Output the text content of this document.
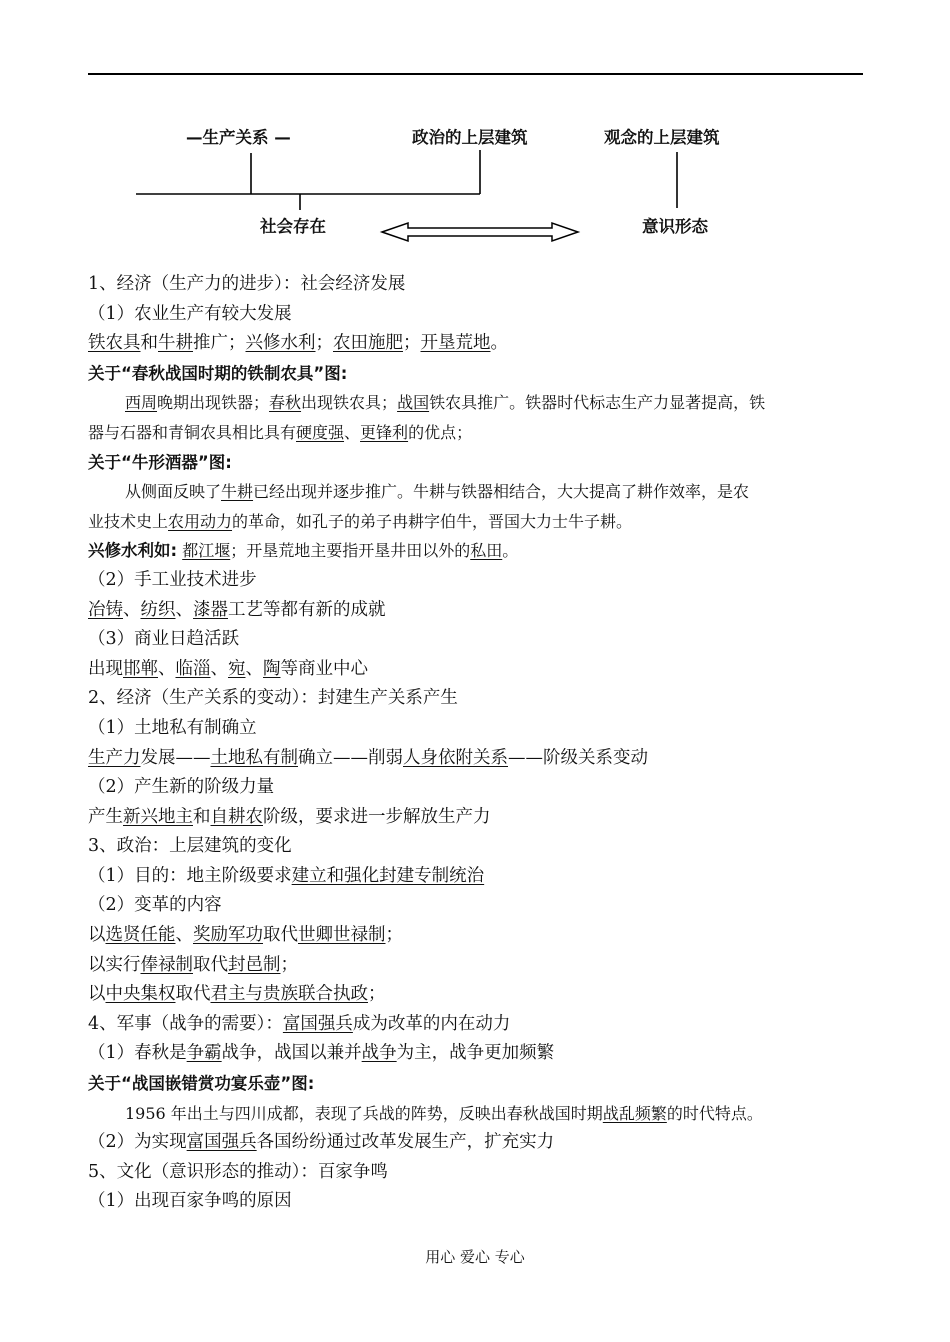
—生产关系 —	政治的上层建筑	观念的上层建筑
社会存在	意识形态
1、经济（生产力的进步）：社会经济发展
（1）农业生产有较大发展
铁农具和牛耕推广；兴修水利；农田施肥；开垦荒地。
关于“春秋战国时期的铁制农具”图:
西周晚期出现铁器；春秋出现铁农具；战国铁农具推广。铁器时代标志生产力显著提高，铁
器与石器和青铜农具相比具有硬度强、更锋利的优点；
关于“牛形酒器”图:
从侧面反映了牛耕已经出现并逐步推广。牛耕与铁器相结合，大大提高了耕作效率，是农
业技术史上农用动力的革命，如孔子的弟子冉耕字伯牛，晋国大力士牛子耕。
兴修水利如: 都江堰；开垦荒地主要指开垦井田以外的私田。
（2）手工业技术进步
冶铸、纺织、漆器工艺等都有新的成就
（3）商业日趋活跃
出现邯郸、临淄、宛、陶等商业中心
2、经济（生产关系的变动）：封建生产关系产生
（1）土地私有制确立
生产力发展——土地私有制确立——削弱人身依附关系——阶级关系变动
（2）产生新的阶级力量
产生新兴地主和自耕农阶级，要求进一步解放生产力
3、政治：上层建筑的变化
（1）目的：地主阶级要求建立和强化封建专制统治
（2）变革的内容
以选贤任能、奖励军功取代世卿世禄制；
以实行俸禄制取代封邑制；
以中央集权取代君主与贵族联合执政；
4、军事（战争的需要）：富国强兵成为改革的内在动力
（1）春秋是争霸战争，战国以兼并战争为主，战争更加频繁
关于“战国嵌错赏功宴乐壶”图:
1956 年出土与四川成都，表现了兵战的阵势，反映出春秋战国时期战乱频繁的时代特点。
（2）为实现富国强兵各国纷纷通过改革发展生产，扩充实力
5、文化（意识形态的推动）：百家争鸣
（1）出现百家争鸣的原因
用心 爱心 专心
